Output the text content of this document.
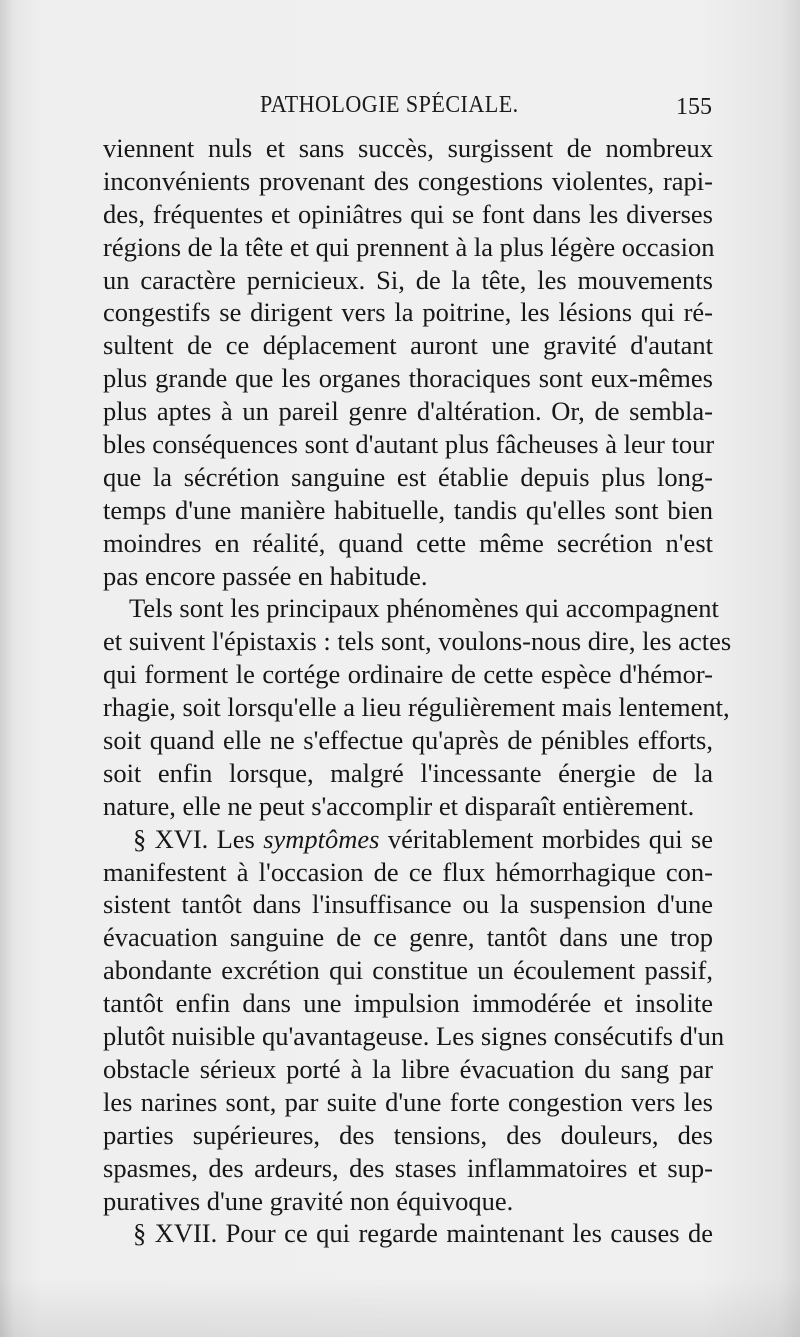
PATHOLOGIE SPÉCIALE.	155
viennent nuls et sans succès, surgissent de nombreux
inconvénients provenant des congestions violentes, rapi-
des, fréquentes et opiniâtres qui se font dans les diverses
régions de la tête et qui prennent à la plus légère occasion
un caractère pernicieux. Si, de la tête, les mouvements
congestifs se dirigent vers la poitrine, les lésions qui ré-
sultent de ce déplacement auront une gravité d'autant
plus grande que les organes thoraciques sont eux-mêmes
plus aptes à un pareil genre d'altération. Or, de sembla-
bles conséquences sont d'autant plus fâcheuses à leur tour
que la sécrétion sanguine est établie depuis plus long-
temps d'une manière habituelle, tandis qu'elles sont bien
moindres en réalité, quand cette même secrétion n'est
pas encore passée en habitude.
Tels sont les principaux phénomènes qui accompagnent
et suivent l'épistaxis : tels sont, voulons-nous dire, les actes
qui forment le cortége ordinaire de cette espèce d'hémor-
rhagie, soit lorsqu'elle a lieu régulièrement mais lentement,
soit quand elle ne s'effectue qu'après de pénibles efforts,
soit enfin lorsque, malgré l'incessante énergie de la
nature, elle ne peut s'accomplir et disparaît entièrement.
§ XVI. Les symptômes véritablement morbides qui se
manifestent à l'occasion de ce flux hémorrhagique con-
sistent tantôt dans l'insuffisance ou la suspension d'une
évacuation sanguine de ce genre, tantôt dans une trop
abondante excrétion qui constitue un écoulement passif,
tantôt enfin dans une impulsion immodérée et insolite
plutôt nuisible qu'avantageuse. Les signes consécutifs d'un
obstacle sérieux porté à la libre évacuation du sang par
les narines sont, par suite d'une forte congestion vers les
parties supérieures, des tensions, des douleurs, des
spasmes, des ardeurs, des stases inflammatoires et sup-
puratives d'une gravité non équivoque.
§ XVII. Pour ce qui regarde maintenant les causes de
